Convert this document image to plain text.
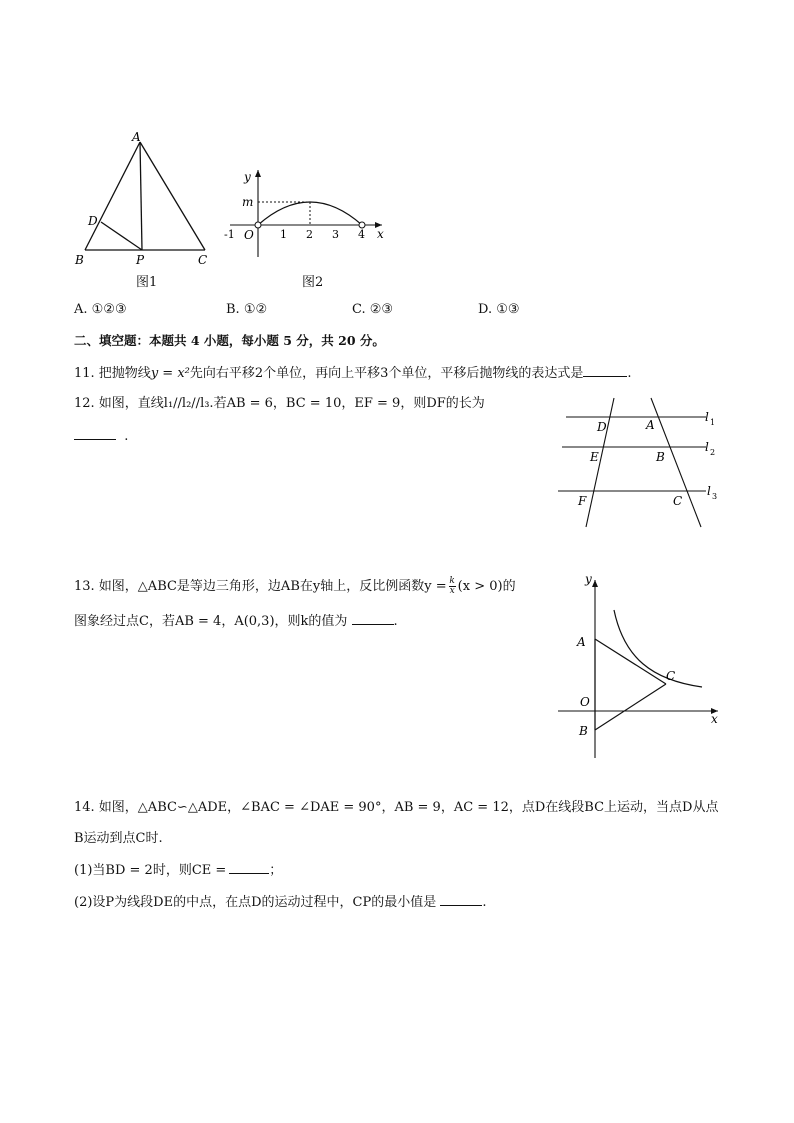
A
D
B	P	C
图1
y
x
m
O
-1	1 2 3 4
图2
A. ①②③	B. ①②	C. ②③	D. ①③
二、填空题：本题共 4 小题，每小题 5 分，共 20 分。
11. 把抛物线y = x²先向右平移2个单位，再向上平移3个单位，平移后抛物线的表达式是	.
12. 如图，直线l₁//l₂//l₃.若AB = 6，BC = 10，EF = 9，则DF的长为
.
D	A
E	B
F	C
l 1
l 2
l 3
13. 如图，△ABC是等边三角形，边AB在y轴上，反比例函数$y = \frac{k}{x} (x > 0)$的
图象经过点C，若AB = 4，A(0,3)，则k的值为	.
y
x
A
O
B
C
14. 如图，△ABC∽△ADE，∠BAC = ∠DAE = 90°，AB = 9，AC = 12，点D在线段BC上运动，当点D从点
B运动到点C时.
(1)当BD = 2时，则CE =	；
(2)设P为线段DE的中点，在点D的运动过程中，CP的最小值是	.
